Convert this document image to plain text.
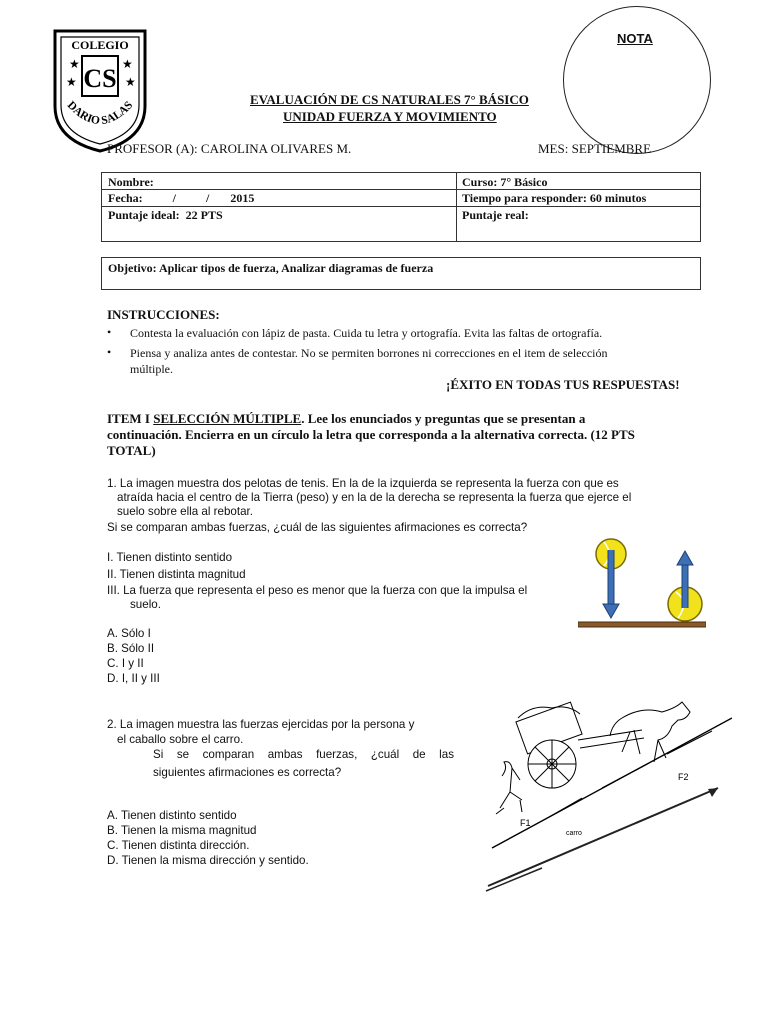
COLEGIO
CS
★	★
★	★
DARIO SALAS
NOTA
EVALUACIÓN DE CS NATURALES 7° BÁSICO
UNIDAD FUERZA Y MOVIMIENTO
PROFESOR (A): CAROLINA OLIVARES M.	MES: SEPTIEMBRE
Nombre:	Curso: 7° Básico
Fecha:          /          /       2015	Tiempo para responder: 60 minutos
Puntaje ideal:  22 PTS	Puntaje real:
Objetivo: Aplicar tipos de fuerza, Analizar diagramas de fuerza
INSTRUCCIONES:
• Contesta la evaluación con lápiz de pasta. Cuida tu letra y ortografía. Evita las faltas de ortografía.
• Piensa y analiza antes de contestar. No se permiten borrones ni correcciones en el item de selección
múltiple.
¡ÉXITO EN TODAS TUS RESPUESTAS!
ITEM I SELECCIÓN MÚLTIPLE. Lee los enunciados y preguntas que se presentan a
continuación. Encierra en un círculo la letra que corresponda a la alternativa correcta. (12 PTS
TOTAL)
1. La imagen muestra dos pelotas de tenis. En la de la izquierda se representa la fuerza con que es
atraída hacia el centro de la Tierra (peso) y en la de la derecha se representa la fuerza que ejerce el
suelo sobre ella al rebotar.
Si se comparan ambas fuerzas, ¿cuál de las siguientes afirmaciones es correcta?
I. Tienen distinto sentido
II. Tienen distinta magnitud
III. La fuerza que representa el peso es menor que la fuerza con que la impulsa el
suelo.
A. Sólo I
B. Sólo II
C. I y II
D. I, II y III
2. La imagen muestra las fuerzas ejercidas por la persona y
el caballo sobre el carro.
Si se comparan ambas fuerzas, ¿cuál de las
siguientes afirmaciones es correcta?
A. Tienen distinto sentido
B. Tienen la misma magnitud
C. Tienen distinta dirección.
D. Tienen la misma dirección y sentido.
F1
F2
carro
